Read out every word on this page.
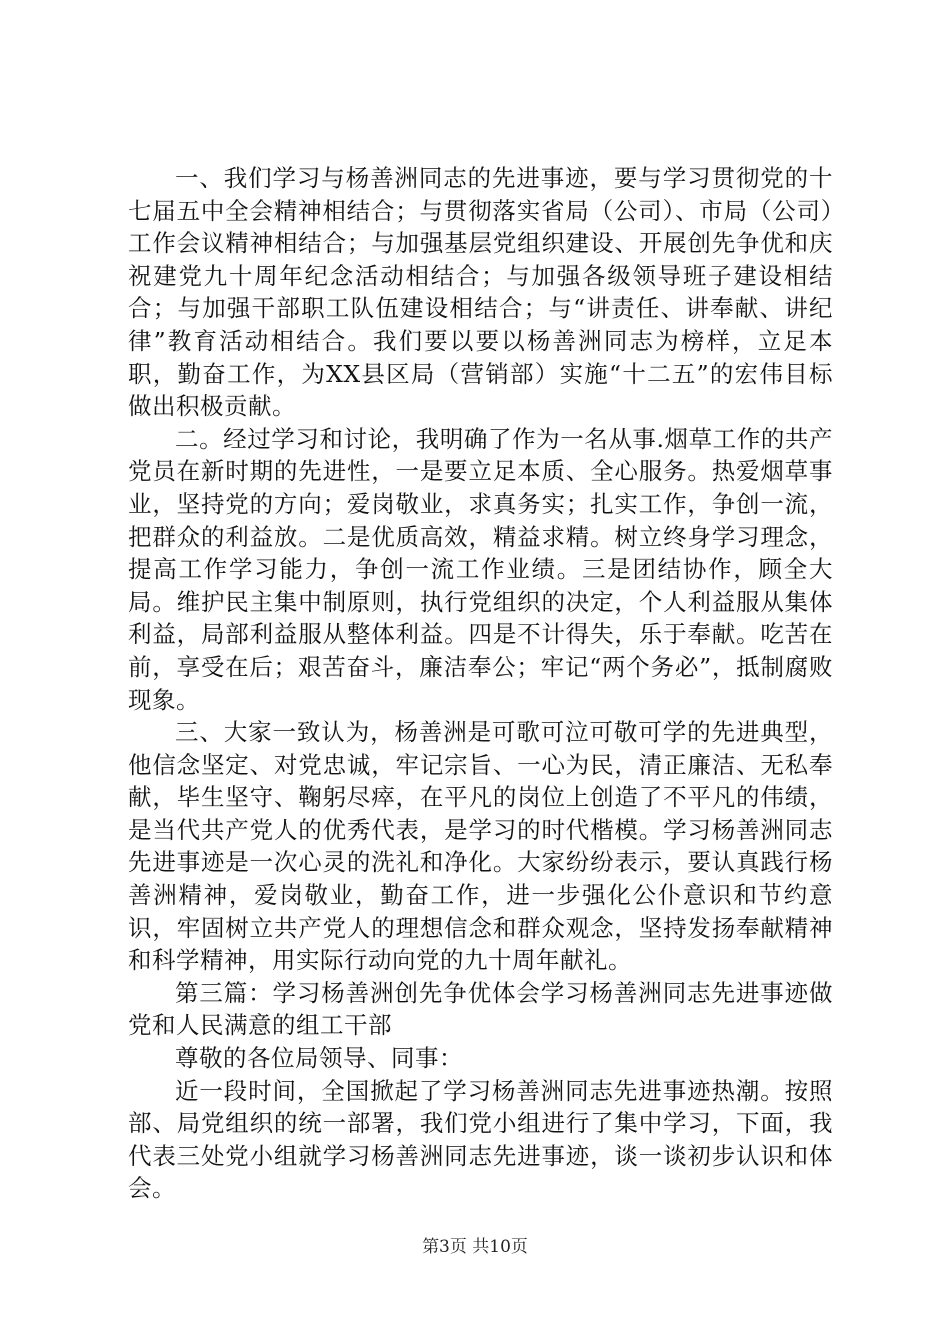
一、我们学习与杨善洲同志的先进事迹，要与学习贯彻党的十七届五中全会精神相结合；与贯彻落实省局（公司）、市局（公司）工作会议精神相结合；与加强基层党组织建设、开展创先争优和庆祝建党九十周年纪念活动相结合；与加强各级领导班子建设相结合；与加强干部职工队伍建设相结合；与“讲责任、讲奉献、讲纪律”教育活动相结合。我们要以要以杨善洲同志为榜样，立足本职，勤奋工作，为XX县区局（营销部）实施“十二五”的宏伟目标做出积极贡献。

二。经过学习和讨论，我明确了作为一名从事.烟草工作的共产党员在新时期的先进性，一是要立足本质、全心服务。热爱烟草事业，坚持党的方向；爱岗敬业，求真务实；扎实工作，争创一流，把群众的利益放。二是优质高效，精益求精。树立终身学习理念，提高工作学习能力，争创一流工作业绩。三是团结协作，顾全大局。维护民主集中制原则，执行党组织的决定，个人利益服从集体利益，局部利益服从整体利益。四是不计得失，乐于奉献。吃苦在前，享受在后；艰苦奋斗，廉洁奉公；牢记“两个务必”，抵制腐败现象。

三、大家一致认为，杨善洲是可歌可泣可敬可学的先进典型，他信念坚定、对党忠诚，牢记宗旨、一心为民，清正廉洁、无私奉献，毕生坚守、鞠躬尽瘁，在平凡的岗位上创造了不平凡的伟绩，是当代共产党人的优秀代表，是学习的时代楷模。学习杨善洲同志先进事迹是一次心灵的洗礼和净化。大家纷纷表示，要认真践行杨善洲精神，爱岗敬业，勤奋工作，进一步强化公仆意识和节约意识，牢固树立共产党人的理想信念和群众观念，坚持发扬奉献精神和科学精神，用实际行动向党的九十周年献礼。

第三篇：学习杨善洲创先争优体会学习杨善洲同志先进事迹做党和人民满意的组工干部

尊敬的各位局领导、同事：

近一段时间，全国掀起了学习杨善洲同志先进事迹热潮。按照部、局党组织的统一部署，我们党小组进行了集中学习，下面，我代表三处党小组就学习杨善洲同志先进事迹，谈一谈初步认识和体会。

第3页 共10页
